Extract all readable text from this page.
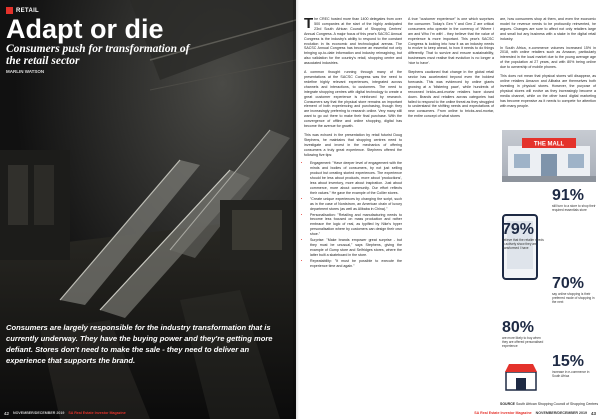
RETAIL
Adapt or die

Consumers push for transformation of the retail sector

MARLIN WATSON

Consumers are largely responsible for the industry transformation that is currently underway. They have the buying power and they're getting more defiant. Stores don't need to make the sale - they need to deliver an experience that supports the brand.

42 NOVEMBER/DECEMBER 2019 SA Real Estate Investor Magazine

The CREC hosted more than 1400 delegates from over 500 companies at the start of the highly anticipated 23rd South African Council of Shopping Centres' Annual Congress. A major focus of this year's SACSC Annual Congress is the industry's ability to respond to the constant evolution in its economic and technological arenas. The SACSC Annual Congress has become an essential not only bringing up-to-date information and industry reimagining, but also validation for the country's retail, shopping centre and associated industries.

A common thought running through many of the presentations at the SACSC Congress was the need to redefine highly relevant experiences, integrated across channels and interactions, to customers. The need to integrate shopping centres with digital technology to create a great customer experience is reinforced by research. Consumers say that the physical store remains an important element of both experiencing and purchasing, though they are increasingly preferring to research online. Very many still want to go out there to make their final purchase. With the convergence of offline and online shopping, digital has become the avenue for growth.

This was echoed in the presentation by retail futurist Doug Stephens, he maintains that shopping centres need to investigate and invest in the mechanics of offering consumers a truly great experience. Stephens offered the following five tips:

• Engagement: "Have deeper level of engagement with the minds and bodies of consumers, by not just selling product but creating storied experiences. The experience should be less about products, more about 'productions', less about inventory, more about inspiration. Just about commerce, more about community. Our effort reflects their values." He gave the example of the Collier stores.
• "Create unique experiences by changing the script, such as in the case of Nordstrom, an American chain of luxury department stores (as well as Alibaba in China)."
• Personalisation: "Retailing and manufacturing needs to become less focused on mass production and rather embrace the logic of real, as typified by Nike's hyper personalisation where by customers can design their own shoe."
• Surprise: "Make brands empower great surprise - but they must be unusual," says Stephens, giving the example of Gump store and Selfridges stores, where the latter built a skateboard in the store.
• Repeatability: "It must be possible to execute the experience time and again."

A true "customer experience" is one which surprises the consumer. Today's Gen Y and Gen Z are critical consumers who operate in the currency of 'Where I am and Who I'm with' - they believe that the value of experience is more important. This year's SACSC Congress is looking into how it as an industry needs to evolve to keep ahead, to how it needs to do things differently. That to survive and ensure sustainability, businesses must realise that evolution is no longer a 'nice to have'.

Stephens cautioned that change in the global retail sector has accelerated beyond even the boldest forecasts. This was evidenced by online giants growing at a 'blistering pace', while hundreds of renowned bricks-and-mortar retailers have closed down. Brands and retailers across categories had failed to respond to the online threat as they struggled to understand the shifting needs and expectations of new consumers. From online to bricks-and-mortar, the entire concept of what stores

are, how consumers shop at them, and even the economic model for revenue needs to be profoundly reinvented, he argues. Changes are sure to affect not only retailers large and small but any business with a stake in the digital retail industry.

In South Africa, e-commerce volumes increased 15% in 2018, with online retailers such as Amazon, particularly interested in the local market due to the young average age of the population at 27 years, and with 80% being online due to ownership of mobile phones.

This does not mean that physical stores will disappear, as online retailers Amazon and Alibaba are themselves both investing in physical stores. However, the purpose of physical stores will evolve as they increasingly become a media channel, while on the other hand digital marketing has become expensive as it needs to compete for attention with many people.

THE MALL
91%
still turn to a store to shop their required essentials store
79%
believe that the retailer needs to actively show they are transformed I have
70%
say online shopping is their preferred mode of shopping in the next
80%
are more likely to buy when they are offered personalised experience
15%
increase in e-commerce in South Africa
SOURCE South African Shopping Council of Shopping Centres
SA Real Estate Investor Magazine NOVEMBER/DECEMBER 2019 43
